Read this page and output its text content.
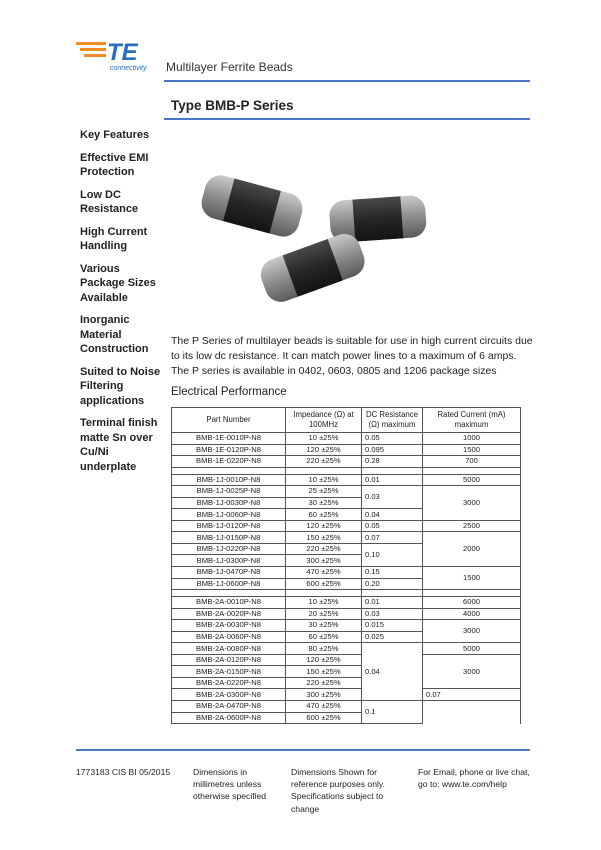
TE
connectivity Multilayer Ferrite Beads
Type BMB-P Series
Key Features
Effective EMI Protection
Low DC Resistance
High Current Handling
Various Package Sizes Available
Inorganic Material Construction
Suited to Noise Filtering applications
Terminal finish matte Sn over Cu/Ni underplate

The P Series of multilayer beads is suitable for use in high current circuits due to its low dc resistance. It can match power lines to a maximum of 6 amps. The P series is available in 0402, 0603, 0805 and 1206 package sizes

Electrical Performance
Part Number	Impedance (Ω) at 100MHz	DC Resistance (Ω) maximum	Rated Current (mA) maximum	
BMB-1E-0010P-N8	10 ±25%	0.05	1000	
BMB-1E-0120P-N8	120 ±25%	0.095	1500	
BMB-1E-0220P-N8	220 ±25%	0.28	700	

BMB-1J-0010P-N8	10 ±25%	0.01	5000	
BMB-1J-0025P-N8	25 ±25%	0.03	3000	
BMB-1J-0030P-N8	30 ±25%			
BMB-1J-0060P-N8	60 ±25%	0.04		
BMB-1J-0120P-N8	120 ±25%	0.05	2500	
BMB-1J-0150P-N8	150 ±25%	0.07	2000	
BMB-1J-0220P-N8	220 ±25%	0.10		
BMB-1J-0300P-N8	300 ±25%			
BMB-1J-0470P-N8	470 ±25%	0.15	1500	
BMB-1J-0600P-N8	600 ±25%	0.20		

BMB-2A-0010P-N8	10 ±25%	0.01	6000	
BMB-2A-0020P-N8	20 ±25%	0.03	4000	
BMB-2A-0030P-N8	30 ±25%	0.015	3000	
BMB-2A-0060P-N8	60 ±25%	0.025		
BMB-2A-0080P-N8	80 ±25%	0.04	5000	
BMB-2A-0120P-N8	120 ±25%		3000	
BMB-2A-0150P-N8	150 ±25%			
BMB-2A-0220P-N8	220 ±25%			
BMB-2A-0300P-N8	300 ±25%		0.07	
BMB-2A-0470P-N8	470 ±25%	0.1		
BMB-2A-0600P-N8	600 ±25%			
1773183 CIS BI 05/2015	Dimensions in millimetres unless otherwise specified
Dimensions Shown for reference purposes only. Specifications subject to change
For Email, phone or live chat, go to: www.te.com/help
